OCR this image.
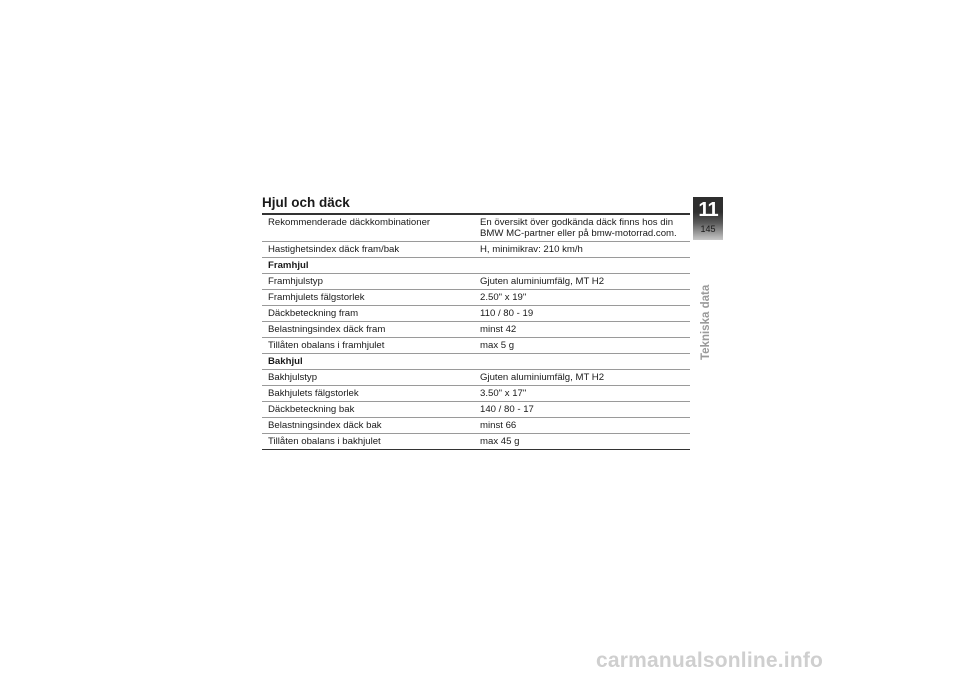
Hjul och däck
Rekommenderade däckkombinationer	En översikt över godkända däck finns hos din BMW MC-partner eller på bmw-motorrad.com.
Hastighetsindex däck fram/bak	H, minimikrav: 210 km/h
Framhjul	
Framhjulstyp	Gjuten aluminiumfälg, MT H2
Framhjulets fälgstorlek	2.50" x 19"
Däckbeteckning fram	110 / 80 - 19
Belastningsindex däck fram	minst 42
Tillåten obalans i framhjulet	max 5 g
Bakhjul	
Bakhjulstyp	Gjuten aluminiumfälg, MT H2
Bakhjulets fälgstorlek	3.50" x 17"
Däckbeteckning bak	140 / 80 - 17
Belastningsindex däck bak	minst 66
Tillåten obalans i bakhjulet	max 45 g
11
145
Tekniska data
carmanualsonline.info
